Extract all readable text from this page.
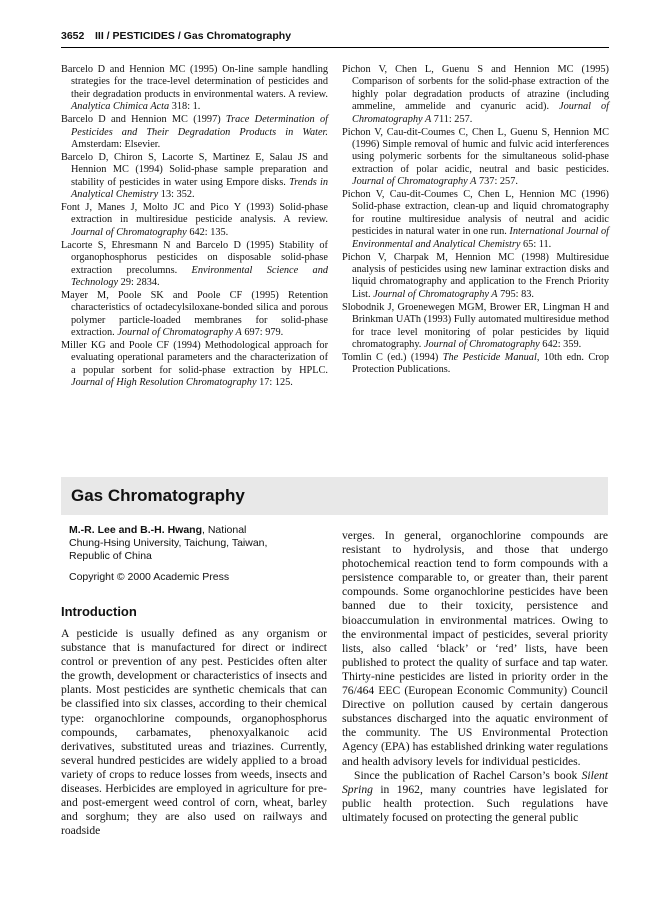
3652 III / PESTICIDES / Gas Chromatography

Barcelo D and Hennion MC (1995) On-line sample handling strategies for the trace-level determination of pesticides and their degradation products in environmental waters. A review. Analytica Chimica Acta 318: 1.

Barcelo D and Hennion MC (1997) Trace Determination of Pesticides and Their Degradation Products in Water. Amsterdam: Elsevier.

Barcelo D, Chiron S, Lacorte S, Martinez E, Salau JS and Hennion MC (1994) Solid-phase sample preparation and stability of pesticides in water using Empore disks. Trends in Analytical Chemistry 13: 352.

Font J, Manes J, Molto JC and Pico Y (1993) Solid-phase extraction in multiresidue pesticide analysis. A review. Journal of Chromatography 642: 135.

Lacorte S, Ehresmann N and Barcelo D (1995) Stability of organophosphorus pesticides on disposable solid-phase extraction precolumns. Environmental Science and Technology 29: 2834.

Mayer M, Poole SK and Poole CF (1995) Retention characteristics of octadecylsiloxane-bonded silica and porous polymer particle-loaded membranes for solid-phase extraction. Journal of Chromatography A 697: 979.

Miller KG and Poole CF (1994) Methodological approach for evaluating operational parameters and the characterization of a popular sorbent for solid-phase extraction by HPLC. Journal of High Resolution Chromatography 17: 125.

Pichon V, Chen L, Guenu S and Hennion MC (1995) Comparison of sorbents for the solid-phase extraction of the highly polar degradation products of atrazine (including ammeline, ammelide and cyanuric acid). Journal of Chromatography A 711: 257.

Pichon V, Cau-dit-Coumes C, Chen L, Guenu S, Hennion MC (1996) Simple removal of humic and fulvic acid interferences using polymeric sorbents for the simultaneous solid-phase extraction of polar acidic, neutral and basic pesticides. Journal of Chromatography A 737: 257.

Pichon V, Cau-dit-Coumes C, Chen L, Hennion MC (1996) Solid-phase extraction, clean-up and liquid chromatography for routine multiresidue analysis of neutral and acidic pesticides in natural water in one run. International Journal of Environmental and Analytical Chemistry 65: 11.

Pichon V, Charpak M, Hennion MC (1998) Multiresidue analysis of pesticides using new laminar extraction disks and liquid chromatography and application to the French Priority List. Journal of Chromatography A 795: 83.

Slobodnik J, Groenewegen MGM, Brower ER, Lingman H and Brinkman UATh (1993) Fully automated multiresidue method for trace level monitoring of polar pesticides by liquid chromatography. Journal of Chromatography 642: 359.

Tomlin C (ed.) (1994) The Pesticide Manual, 10th edn. Crop Protection Publications.

Gas Chromatography
M.-R. Lee and B.-H. Hwang, National
Chung-Hsing University, Taichung, Taiwan,
Republic of China
Copyright © 2000 Academic Press
Introduction

A pesticide is usually defined as any organism or substance that is manufactured for direct or indirect control or prevention of any pest. Pesticides often alter the growth, development or characteristics of insects and plants. Most pesticides are synthetic chemicals that can be classified into six classes, according to their chemical type: organochlorine compounds, organophosphorus compounds, carbamates, phenoxyalkanoic acid derivatives, substituted ureas and triazines. Currently, several hundred pesticides are widely applied to a broad variety of crops to reduce losses from weeds, insects and diseases. Herbicides are employed in agriculture for pre- and post-emergent weed control of corn, wheat, barley and sorghum; they are also used on railways and roadside

verges. In general, organochlorine compounds are resistant to hydrolysis, and those that undergo photochemical reaction tend to form compounds with a persistence comparable to, or greater than, their parent compounds. Some organochlorine pesticides have been banned due to their toxicity, persistence and bioaccumulation in environmental matrices. Owing to the environmental impact of pesticides, several priority lists, also called ‘black’ or ‘red’ lists, have been published to protect the quality of surface and tap water. Thirty-nine pesticides are listed in priority order in the 76/464 EEC (European Economic Community) Council Directive on pollution caused by certain dangerous substances discharged into the aquatic environment of the community. The US Environmental Protection Agency (EPA) has established drinking water regulations and health advisory levels for individual pesticides.

Since the publication of Rachel Carson’s book Silent Spring in 1962, many countries have legislated for public health protection. Such regulations have ultimately focused on protecting the general public
